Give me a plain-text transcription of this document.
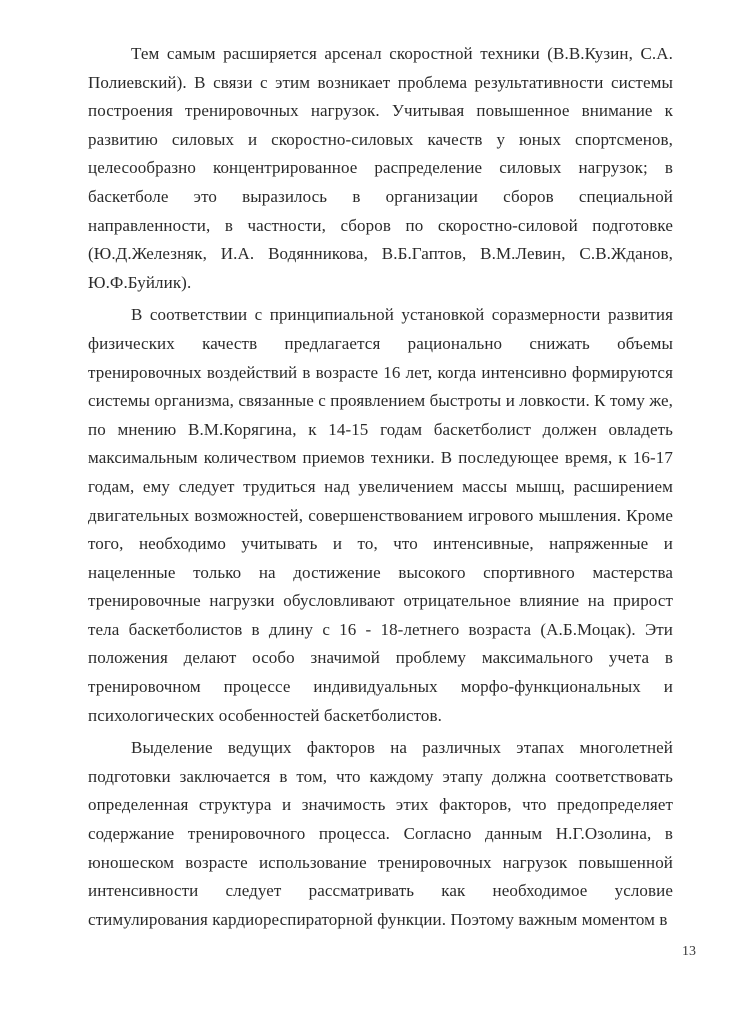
Тем самым расширяется арсенал скоростной техники (В.В.Кузин, С.А. Полиевский). В связи с этим возникает проблема результативности системы построения тренировочных нагрузок. Учитывая повышенное внимание к развитию силовых и скоростно-силовых качеств у юных спортсменов, целесообразно концентрированное распределение силовых нагрузок; в баскетболе это выразилось в организации сборов специальной направленности, в частности, сборов по скоростно-силовой подготовке (Ю.Д.Железняк, И.А. Водянникова, В.Б.Гаптов, В.М.Левин, С.В.Жданов, Ю.Ф.Буйлик).

В соответствии с принципиальной установкой соразмерности развития физических качеств предлагается рационально снижать объемы тренировочных воздействий в возрасте 16 лет, когда интенсивно формируются системы организма, связанные с проявлением быстроты и ловкости. К тому же, по мнению В.М.Корягина, к 14-15 годам баскетболист должен овладеть максимальным количеством приемов техники. В последующее время, к 16-17 годам, ему следует трудиться над увеличением массы мышц, расширением двигательных возможностей, совершенствованием игрового мышления. Кроме того, необходимо учитывать и то, что интенсивные, напряженные и нацеленные только на достижение высокого спортивного мастерства тренировочные нагрузки обусловливают отрицательное влияние на прирост тела баскетболистов в длину с 16 - 18-летнего возраста (А.Б.Моцак). Эти положения делают особо значимой проблему максимального учета в тренировочном процессе индивидуальных морфо-функциональных и психологических особенностей баскетболистов.

Выделение ведущих факторов на различных этапах многолетней подготовки заключается в том, что каждому этапу должна соответствовать определенная структура и значимость этих факторов, что предопределяет содержание тренировочного процесса. Согласно данным Н.Г.Озолина, в юношеском возрасте использование тренировочных нагрузок повышенной интенсивности следует рассматривать как необходимое условие стимулирования кардиореспираторной функции. Поэтому важным моментом в

13
